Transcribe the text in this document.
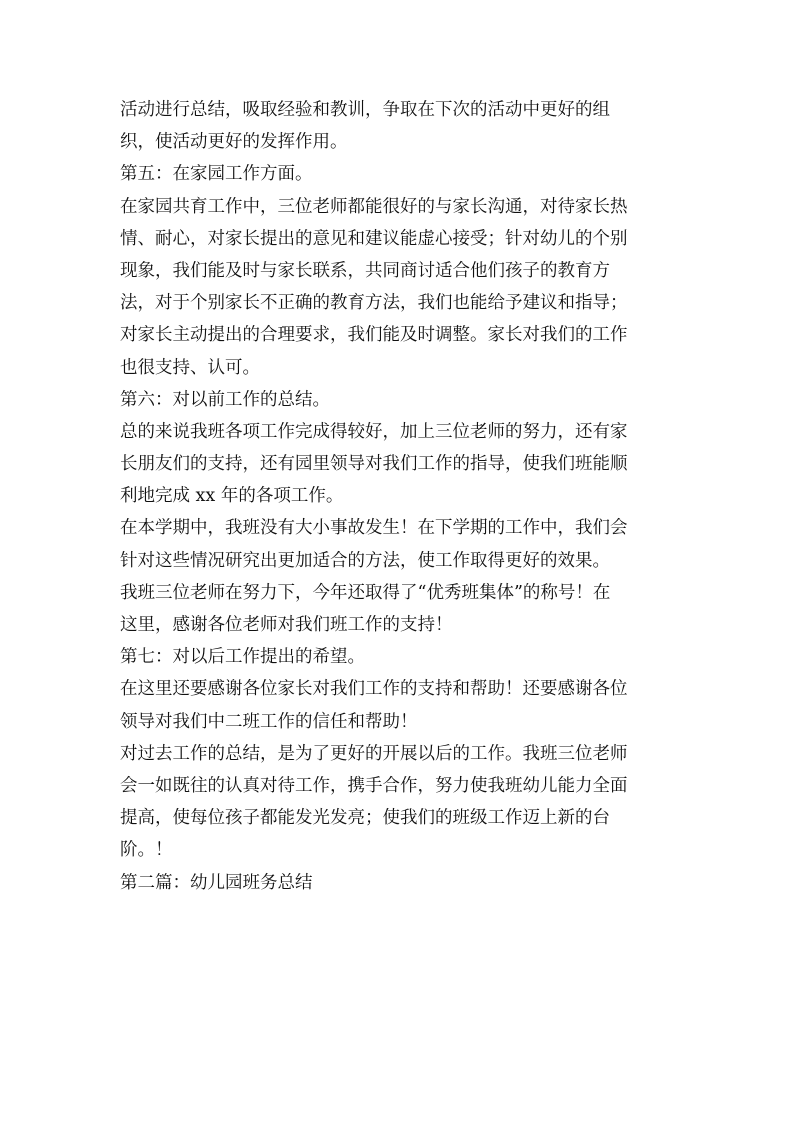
活动进行总结，吸取经验和教训，争取在下次的活动中更好的组
织，使活动更好的发挥作用。
第五：在家园工作方面。
在家园共育工作中，三位老师都能很好的与家长沟通，对待家长热
情、耐心，对家长提出的意见和建议能虚心接受；针对幼儿的个别
现象，我们能及时与家长联系，共同商讨适合他们孩子的教育方
法，对于个别家长不正确的教育方法，我们也能给予建议和指导；
对家长主动提出的合理要求，我们能及时调整。家长对我们的工作
也很支持、认可。
第六：对以前工作的总结。
总的来说我班各项工作完成得较好，加上三位老师的努力，还有家
长朋友们的支持，还有园里领导对我们工作的指导，使我们班能顺
利地完成 xx 年的各项工作。
在本学期中，我班没有大小事故发生！在下学期的工作中，我们会
针对这些情况研究出更加适合的方法，使工作取得更好的效果。
我班三位老师在努力下，今年还取得了“优秀班集体”的称号！在
这里，感谢各位老师对我们班工作的支持！
第七：对以后工作提出的希望。
在这里还要感谢各位家长对我们工作的支持和帮助！还要感谢各位
领导对我们中二班工作的信任和帮助！
对过去工作的总结，是为了更好的开展以后的工作。我班三位老师
会一如既往的认真对待工作，携手合作，努力使我班幼儿能力全面
提高，使每位孩子都能发光发亮；使我们的班级工作迈上新的台
阶。！
第二篇：幼儿园班务总结
